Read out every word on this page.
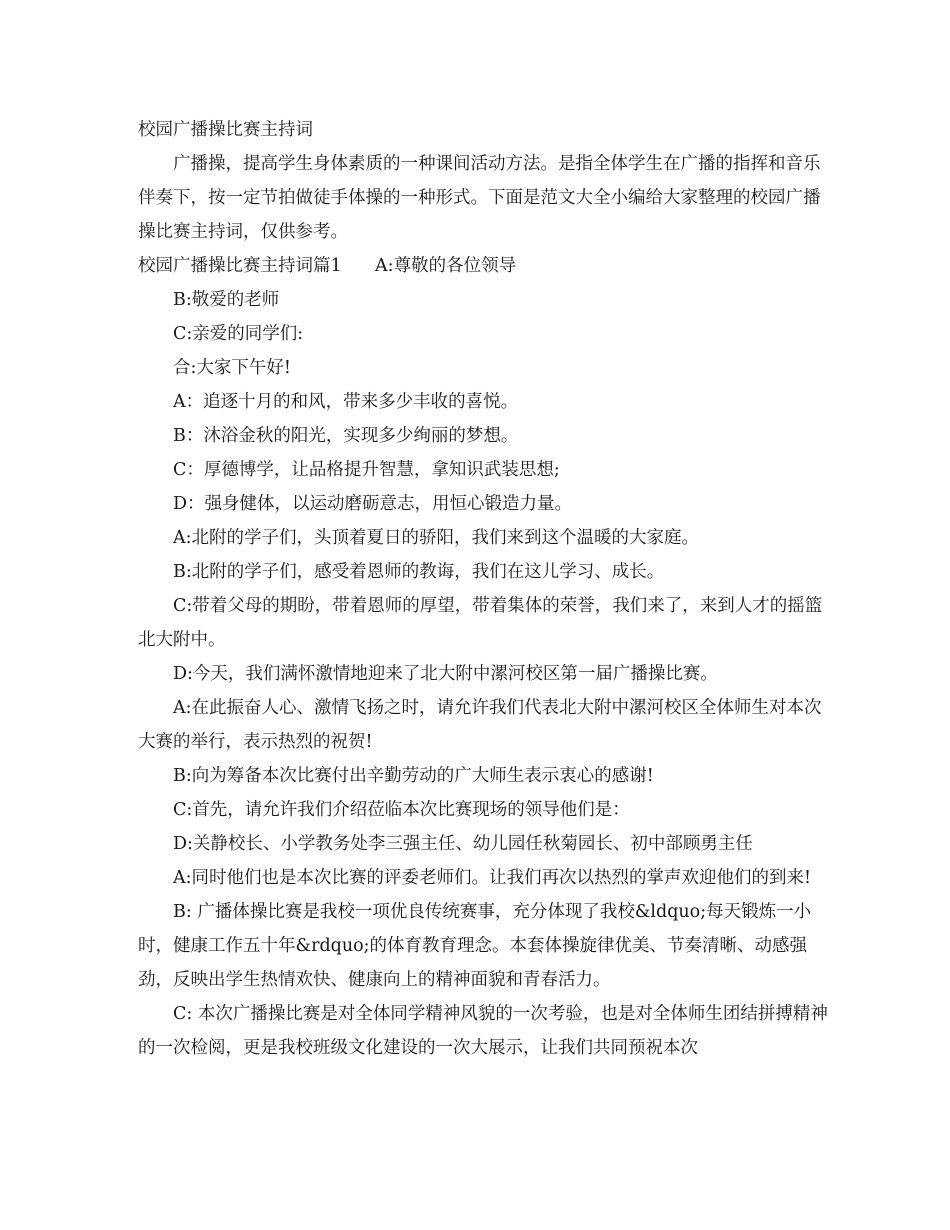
校园广播操比赛主持词

广播操，提高学生身体素质的一种课间活动方法。是指全体学生在广播的指挥和音乐伴奏下，按一定节拍做徒手体操的一种形式。下面是范文大全小编给大家整理的校园广播操比赛主持词，仅供参考。

校园广播操比赛主持词篇1 A:尊敬的各位领导

B:敬爱的老师

C:亲爱的同学们:

合:大家下午好!

A：追逐十月的和风，带来多少丰收的喜悦。

B：沐浴金秋的阳光，实现多少绚丽的梦想。

C：厚德博学，让品格提升智慧，拿知识武装思想;

D：强身健体，以运动磨砺意志，用恒心锻造力量。

A:北附的学子们，头顶着夏日的骄阳，我们来到这个温暖的大家庭。

B:北附的学子们，感受着恩师的教诲，我们在这儿学习、成长。

C:带着父母的期盼，带着恩师的厚望，带着集体的荣誉，我们来了，来到人才的摇篮北大附中。

D:今天，我们满怀激情地迎来了北大附中漯河校区第一届广播操比赛。

A:在此振奋人心、激情飞扬之时，请允许我们代表北大附中漯河校区全体师生对本次大赛的举行，表示热烈的祝贺!

B:向为筹备本次比赛付出辛勤劳动的广大师生表示衷心的感谢!

C:首先，请允许我们介绍莅临本次比赛现场的领导他们是：

D:关静校长、小学教务处李三强主任、幼儿园任秋菊园长、初中部顾勇主任

A:同时他们也是本次比赛的评委老师们。让我们再次以热烈的掌声欢迎他们的到来!

B: 广播体操比赛是我校一项优良传统赛事，充分体现了我校&ldquo;每天锻炼一小时，健康工作五十年&rdquo;的体育教育理念。本套体操旋律优美、节奏清晰、动感强劲，反映出学生热情欢快、健康向上的精神面貌和青春活力。

C: 本次广播操比赛是对全体同学精神风貌的一次考验，也是对全体师生团结拼搏精神的一次检阅，更是我校班级文化建设的一次大展示，让我们共同预祝本次
